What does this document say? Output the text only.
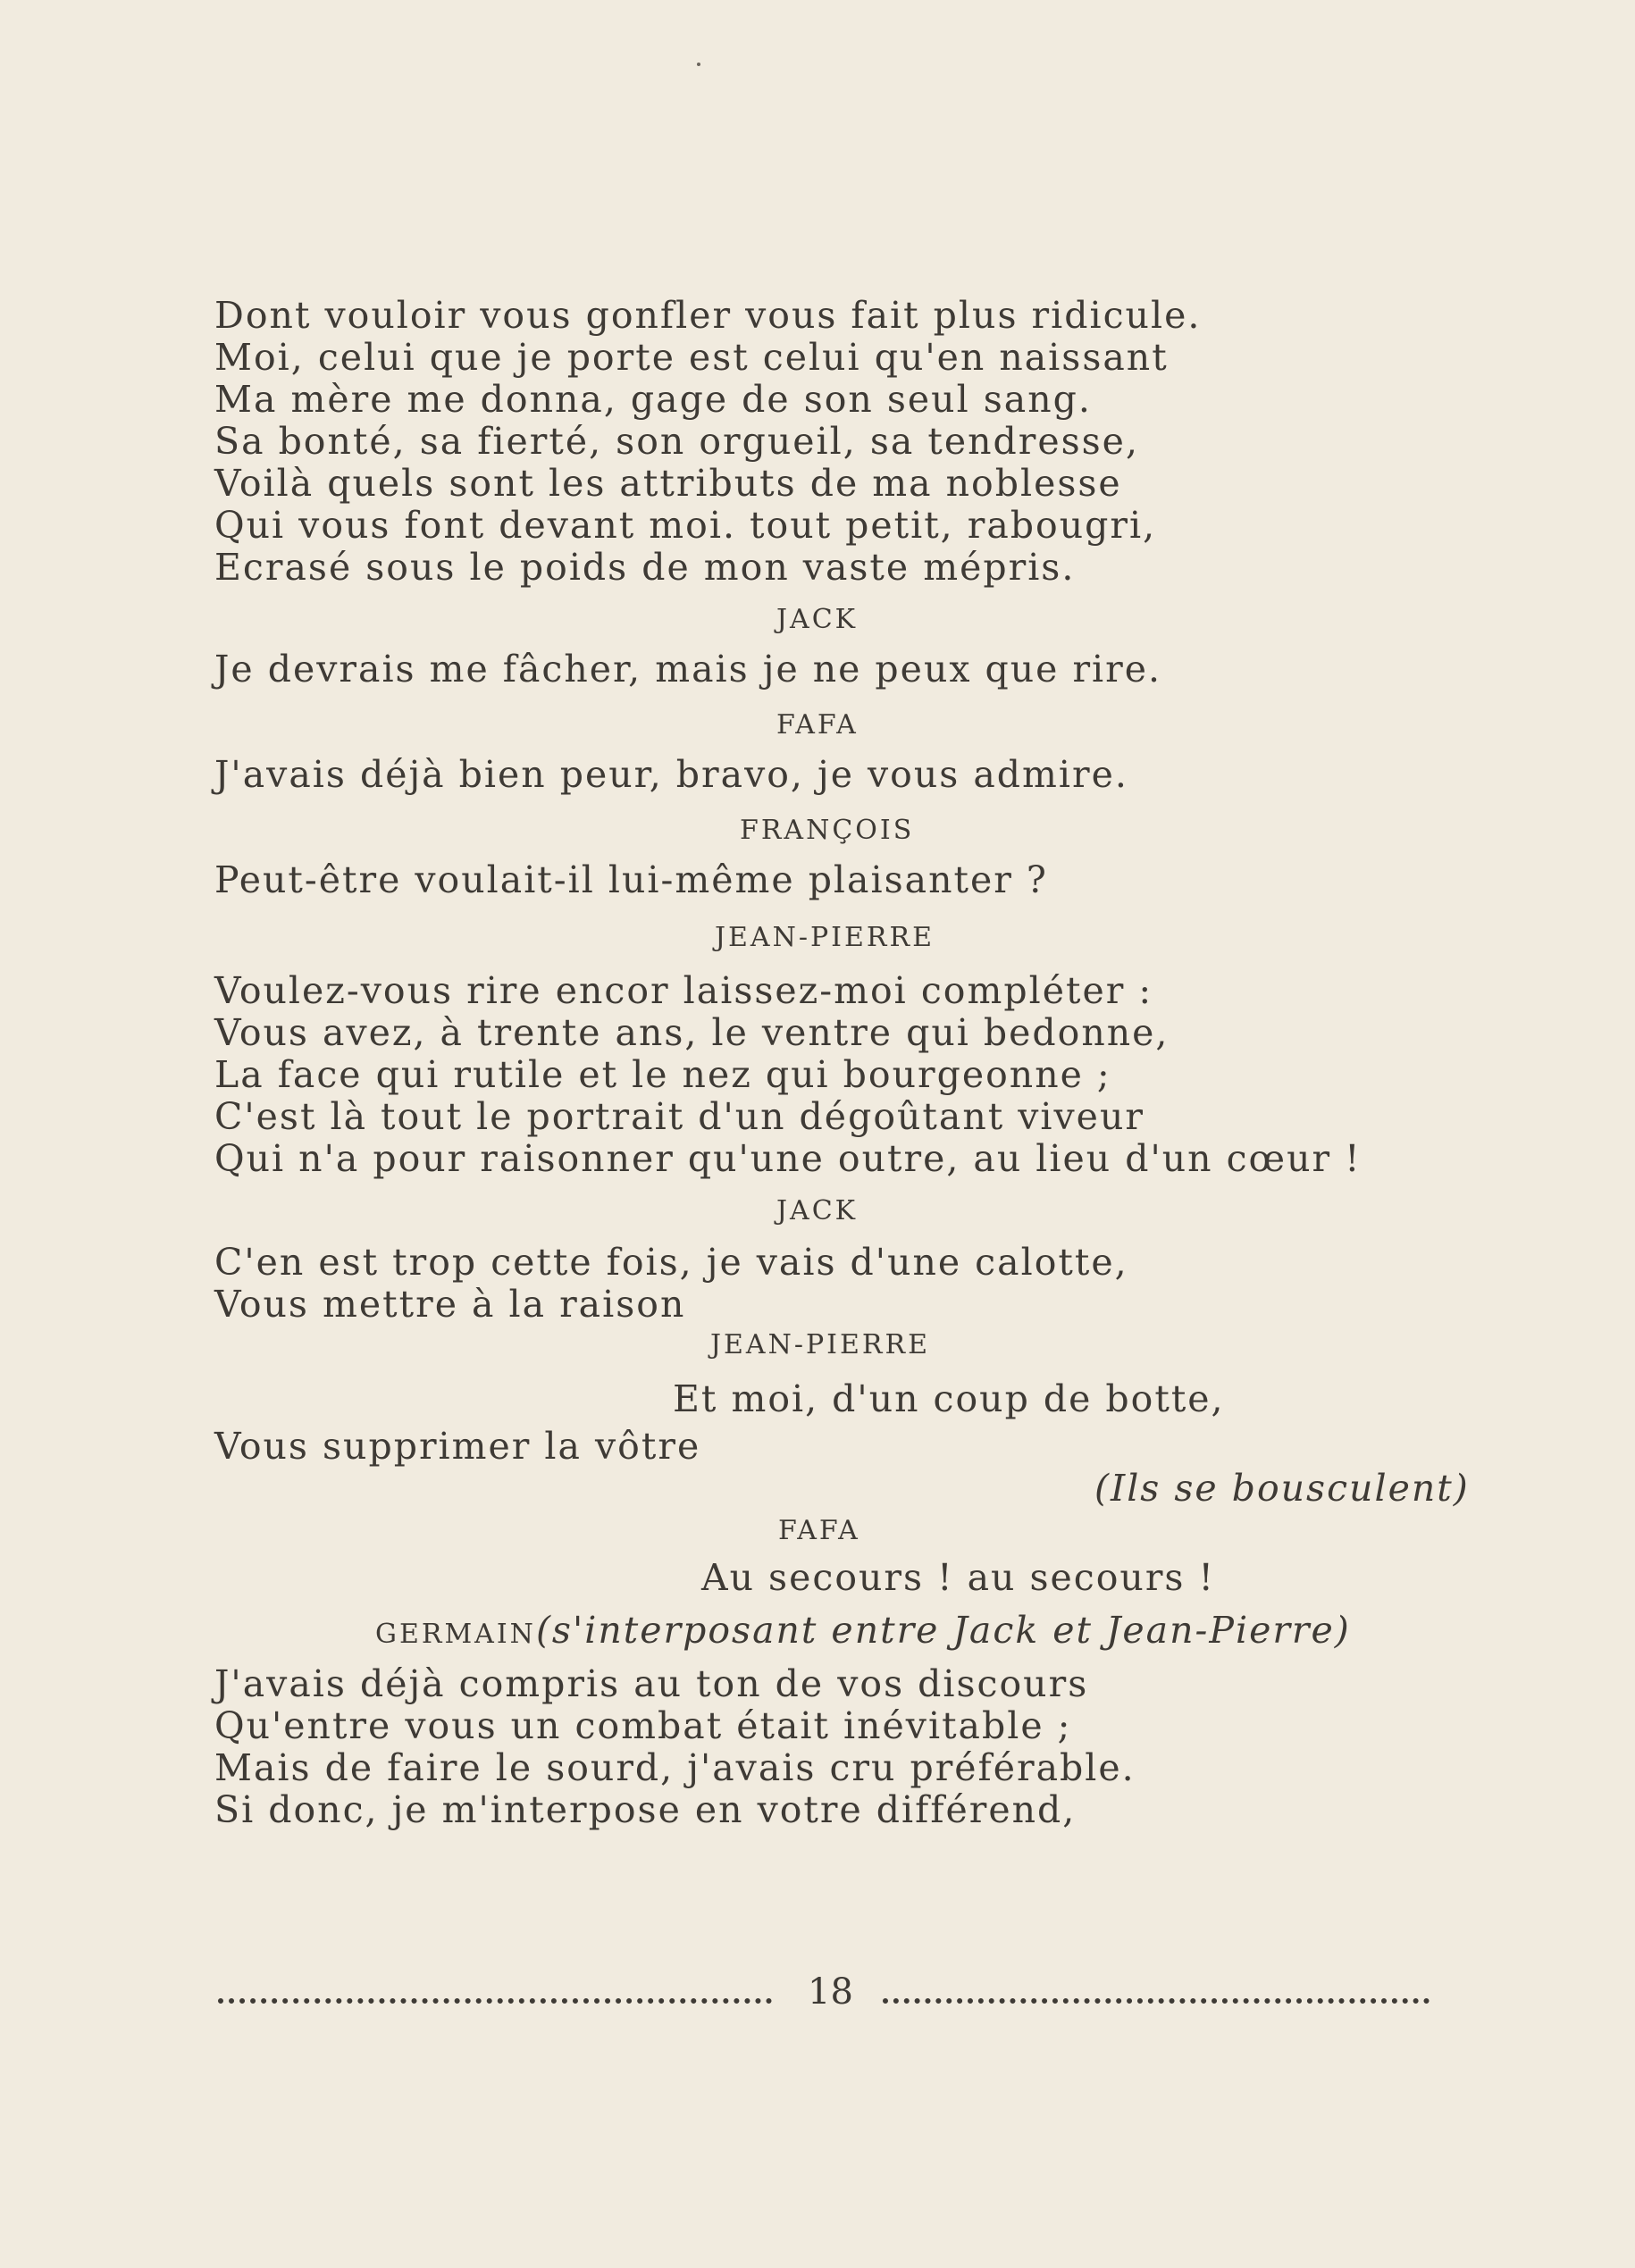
Dont vouloir vous gonfler vous fait plus ridicule.
Moi, celui que je porte est celui qu'en naissant
Ma mère me donna, gage de son seul sang.
Sa bonté, sa fierté, son orgueil, sa tendresse,
Voilà quels sont les attributs de ma noblesse
Qui vous font devant moi. tout petit, rabougri,
Ecrasé sous le poids de mon vaste mépris.
JACK
Je devrais me fâcher, mais je ne peux que rire.
FAFA
J'avais déjà bien peur, bravo, je vous admire.
FRANÇOIS
Peut-être voulait-il lui-même plaisanter ?
JEAN-PIERRE
Voulez-vous rire encor laissez-moi compléter :
Vous avez, à trente ans, le ventre qui bedonne,
La face qui rutile et le nez qui bourgeonne ;
C'est là tout le portrait d'un dégoûtant viveur
Qui n'a pour raisonner qu'une outre, au lieu d'un cœur !
JACK
C'en est trop cette fois, je vais d'une calotte,
Vous mettre à la raison
JEAN-PIERRE
Et moi, d'un coup de botte,
Vous supprimer la vôtre
(Ils se bousculent)
FAFA
Au secours ! au secours !
GERMAIN(s'interposant entre Jack et Jean-Pierre)
J'avais déjà compris au ton de vos discours
Qu'entre vous un combat était inévitable ;
Mais de faire le sourd, j'avais cru préférable.
Si donc, je m'interpose en votre différend,
18
